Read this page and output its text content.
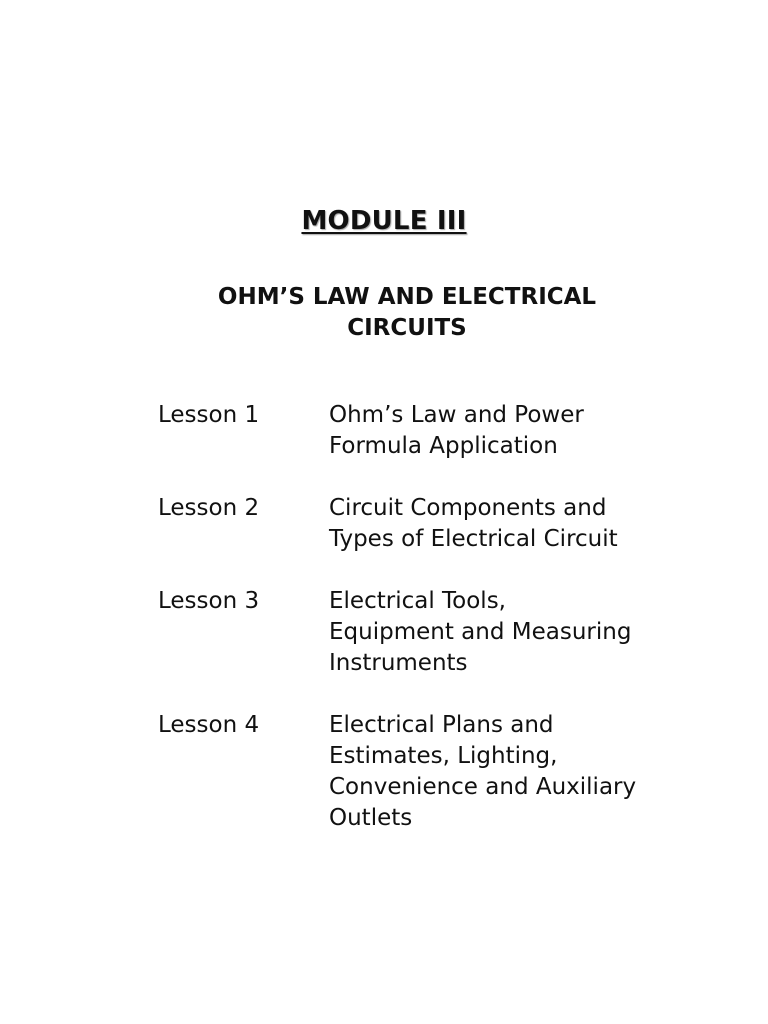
MODULE III
OHM’S LAW AND ELECTRICAL
CIRCUITS
Lesson 1	Ohm’s Law and Power
Formula Application
Lesson 2	Circuit Components and
Types of Electrical Circuit
Lesson 3	Electrical Tools,
Equipment and Measuring
Instruments
Lesson 4	Electrical Plans and
Estimates, Lighting,
Convenience and Auxiliary
Outlets
